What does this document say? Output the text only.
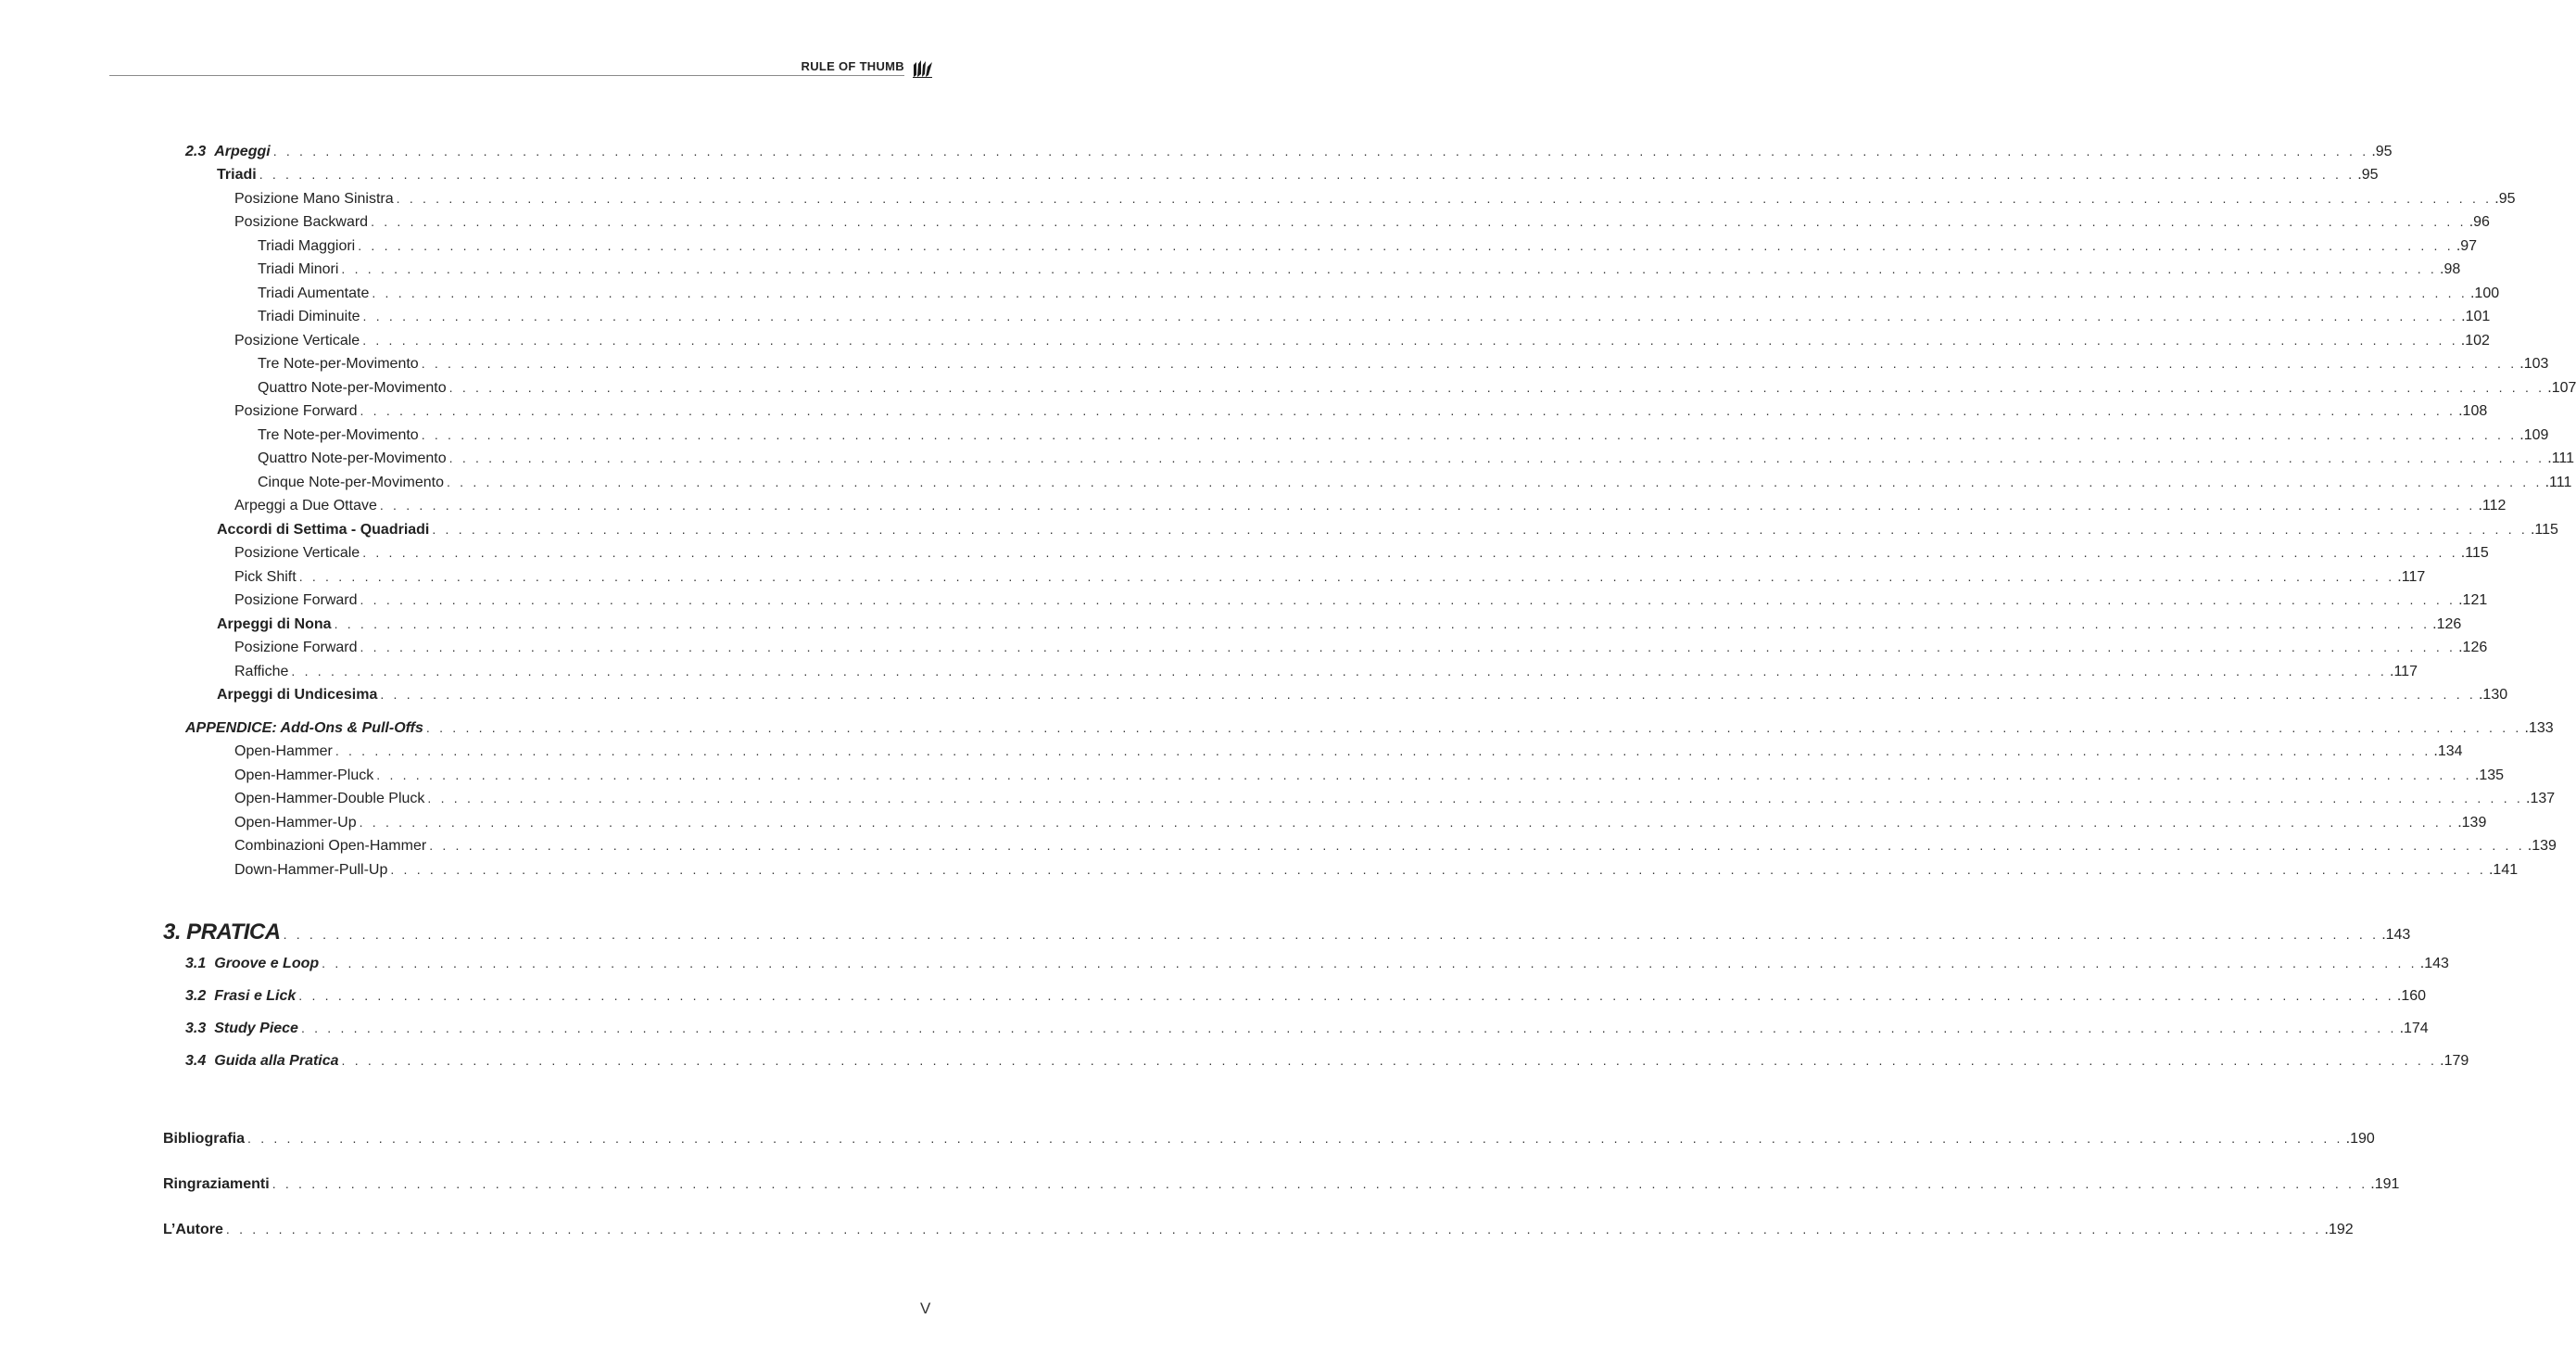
RULE OF THUMB
2.3 Arpeggi . . . . . . . . . . . . . . . . . . . . . . . . . . . . . . . . . . . . . . . . . . . . . . . . . . . . . . . . . . . . . . . . . . . . . . . . . . . . . . . . . . . . . . . . . . . . . . . . . . . . . . . . . . . . . . . . . . . . . . . . . . . . . . . . . . . . . . . . . . . . . . . . . . . . . . . . . . . . . . . . .95
Triadi . . . . . . . . . . . . . . . . . . . . . . . . . . . . . . . . . . . . . . . . . . . . . . . . . . . . . . . . . . . . . . . . . . . . . . . . . . . . . . . . . . . . . . . . . . . . . . . . . . . . . . . . . . . . . . . . . . . . . . . . . . . . . . . . . . . . . . . . . . . . . . . . . . . . . . . . . . . . . . . . .95
Posizione Mano Sinistra . . . . . . . . . . . . . . . . . . . . . . . . . . . . . . . . . . . . . . . . . . . . . . . . . . . . . . . . . . . . . . . . . . . . . . . . . . . . . . . . . . . . . . . . . . . . . . . . . . . . . . . . . . . . . . . . . . . . . . . . . . . . . . . . . . . . . . . . . . . . . . . . . . . . . . . . . . . . . . . . .95
Posizione Backward . . . . . . . . . . . . . . . . . . . . . . . . . . . . . . . . . . . . . . . . . . . . . . . . . . . . . . . . . . . . . . . . . . . . . . . . . . . . . . . . . . . . . . . . . . . . . . . . . . . . . . . . . . . . . . . . . . . . . . . . . . . . . . . . . . . . . . . . . . . . . . . . . . . . . . . . . . . . . . . . .96
Triadi Maggiori . . . . . . . . . . . . . . . . . . . . . . . . . . . . . . . . . . . . . . . . . . . . . . . . . . . . . . . . . . . . . . . . . . . . . . . . . . . . . . . . . . . . . . . . . . . . . . . . . . . . . . . . . . . . . . . . . . . . . . . . . . . . . . . . . . . . . . . . . . . . . . . . . . . . . . . . . . . . . . . . .97
Triadi Minori . . . . . . . . . . . . . . . . . . . . . . . . . . . . . . . . . . . . . . . . . . . . . . . . . . . . . . . . . . . . . . . . . . . . . . . . . . . . . . . . . . . . . . . . . . . . . . . . . . . . . . . . . . . . . . . . . . . . . . . . . . . . . . . . . . . . . . . . . . . . . . . . . . . . . . . . . . . . . . . . .98
Triadi Aumentate . . . . . . . . . . . . . . . . . . . . . . . . . . . . . . . . . . . . . . . . . . . . . . . . . . . . . . . . . . . . . . . . . . . . . . . . . . . . . . . . . . . . . . . . . . . . . . . . . . . . . . . . . . . . . . . . . . . . . . . . . . . . . . . . . . . . . . . . . . . . . . . . . . . . . . . . . . . . . . . . .100
Triadi Diminuite . . . . . . . . . . . . . . . . . . . . . . . . . . . . . . . . . . . . . . . . . . . . . . . . . . . . . . . . . . . . . . . . . . . . . . . . . . . . . . . . . . . . . . . . . . . . . . . . . . . . . . . . . . . . . . . . . . . . . . . . . . . . . . . . . . . . . . . . . . . . . . . . . . . . . . . . . . . . . . . . .101
Posizione Verticale . . . . . . . . . . . . . . . . . . . . . . . . . . . . . . . . . . . . . . . . . . . . . . . . . . . . . . . . . . . . . . . . . . . . . . . . . . . . . . . . . . . . . . . . . . . . . . . . . . . . . . . . . . . . . . . . . . . . . . . . . . . . . . . . . . . . . . . . . . . . . . . . . . . . . . . . . . . . . . . . .102
Tre Note-per-Movimento . . . . . . . . . . . . . . . . . . . . . . . . . . . . . . . . . . . . . . . . . . . . . . . . . . . . . . . . . . . . . . . . . . . . . . . . . . . . . . . . . . . . . . . . . . . . . . . . . . . . . . . . . . . . . . . . . . . . . . . . . . . . . . . . . . . . . . . . . . . . . . . . . . . . . . . . . . . . . . . . .103
Quattro Note-per-Movimento . . . . . . . . . . . . . . . . . . . . . . . . . . . . . . . . . . . . . . . . . . . . . . . . . . . . . . . . . . . . . . . . . . . . . . . . . . . . . . . . . . . . . . . . . . . . . . . . . . . . . . . . . . . . . . . . . . . . . . . . . . . . . . . . . . . . . . . . . . . . . . . . . . . . . . . . . . . . . . . . .107
Posizione Forward . . . . . . . . . . . . . . . . . . . . . . . . . . . . . . . . . . . . . . . . . . . . . . . . . . . . . . . . . . . . . . . . . . . . . . . . . . . . . . . . . . . . . . . . . . . . . . . . . . . . . . . . . . . . . . . . . . . . . . . . . . . . . . . . . . . . . . . . . . . . . . . . . . . . . . . . . . . . . . . . .108
Tre Note-per-Movimento . . . . . . . . . . . . . . . . . . . . . . . . . . . . . . . . . . . . . . . . . . . . . . . . . . . . . . . . . . . . . . . . . . . . . . . . . . . . . . . . . . . . . . . . . . . . . . . . . . . . . . . . . . . . . . . . . . . . . . . . . . . . . . . . . . . . . . . . . . . . . . . . . . . . . . . . . . . . . . . . .109
Quattro Note-per-Movimento . . . . . . . . . . . . . . . . . . . . . . . . . . . . . . . . . . . . . . . . . . . . . . . . . . . . . . . . . . . . . . . . . . . . . . . . . . . . . . . . . . . . . . . . . . . . . . . . . . . . . . . . . . . . . . . . . . . . . . . . . . . . . . . . . . . . . . . . . . . . . . . . . . . . . . . . . . . . . . . . .111
Cinque Note-per-Movimento . . . . . . . . . . . . . . . . . . . . . . . . . . . . . . . . . . . . . . . . . . . . . . . . . . . . . . . . . . . . . . . . . . . . . . . . . . . . . . . . . . . . . . . . . . . . . . . . . . . . . . . . . . . . . . . . . . . . . . . . . . . . . . . . . . . . . . . . . . . . . . . . . . . . . . . . . . . . . . . . .111
Arpeggi a Due Ottave . . . . . . . . . . . . . . . . . . . . . . . . . . . . . . . . . . . . . . . . . . . . . . . . . . . . . . . . . . . . . . . . . . . . . . . . . . . . . . . . . . . . . . . . . . . . . . . . . . . . . . . . . . . . . . . . . . . . . . . . . . . . . . . . . . . . . . . . . . . . . . . . . . . . . . . . . . . . . . . . .112
Accordi di Settima - Quadriadi . . . . . . . . . . . . . . . . . . . . . . . . . . . . . . . . . . . . . . . . . . . . . . . . . . . . . . . . . . . . . . . . . . . . . . . . . . . . . . . . . . . . . . . . . . . . . . . . . . . . . . . . . . . . . . . . . . . . . . . . . . . . . . . . . . . . . . . . . . . . . . . . . . . . . . . . . . . . . . . . .115
Posizione Verticale . . . . . . . . . . . . . . . . . . . . . . . . . . . . . . . . . . . . . . . . . . . . . . . . . . . . . . . . . . . . . . . . . . . . . . . . . . . . . . . . . . . . . . . . . . . . . . . . . . . . . . . . . . . . . . . . . . . . . . . . . . . . . . . . . . . . . . . . . . . . . . . . . . . . . . . . . . . . . . . . .115
Pick Shift . . . . . . . . . . . . . . . . . . . . . . . . . . . . . . . . . . . . . . . . . . . . . . . . . . . . . . . . . . . . . . . . . . . . . . . . . . . . . . . . . . . . . . . . . . . . . . . . . . . . . . . . . . . . . . . . . . . . . . . . . . . . . . . . . . . . . . . . . . . . . . . . . . . . . . . . . . . . . . . . .117
Posizione Forward . . . . . . . . . . . . . . . . . . . . . . . . . . . . . . . . . . . . . . . . . . . . . . . . . . . . . . . . . . . . . . . . . . . . . . . . . . . . . . . . . . . . . . . . . . . . . . . . . . . . . . . . . . . . . . . . . . . . . . . . . . . . . . . . . . . . . . . . . . . . . . . . . . . . . . . . . . . . . . . . .121
Arpeggi di Nona . . . . . . . . . . . . . . . . . . . . . . . . . . . . . . . . . . . . . . . . . . . . . . . . . . . . . . . . . . . . . . . . . . . . . . . . . . . . . . . . . . . . . . . . . . . . . . . . . . . . . . . . . . . . . . . . . . . . . . . . . . . . . . . . . . . . . . . . . . . . . . . . . . . . . . . . . . . . . . . . .126
Posizione Forward . . . . . . . . . . . . . . . . . . . . . . . . . . . . . . . . . . . . . . . . . . . . . . . . . . . . . . . . . . . . . . . . . . . . . . . . . . . . . . . . . . . . . . . . . . . . . . . . . . . . . . . . . . . . . . . . . . . . . . . . . . . . . . . . . . . . . . . . . . . . . . . . . . . . . . . . . . . . . . . . .126
Raffiche . . . . . . . . . . . . . . . . . . . . . . . . . . . . . . . . . . . . . . . . . . . . . . . . . . . . . . . . . . . . . . . . . . . . . . . . . . . . . . . . . . . . . . . . . . . . . . . . . . . . . . . . . . . . . . . . . . . . . . . . . . . . . . . . . . . . . . . . . . . . . . . . . . . . . . . . . . . . . . . . .117
Arpeggi di Undicesima . . . . . . . . . . . . . . . . . . . . . . . . . . . . . . . . . . . . . . . . . . . . . . . . . . . . . . . . . . . . . . . . . . . . . . . . . . . . . . . . . . . . . . . . . . . . . . . . . . . . . . . . . . . . . . . . . . . . . . . . . . . . . . . . . . . . . . . . . . . . . . . . . . . . . . . . . . . . . . . . .130
APPENDICE: Add-Ons & Pull-Offs . . . . . . . . . . . . . . . . . . . . . . . . . . . . . . . . . . . . . . . . . . . . . . . . . . . . . . . . . . . . . . . . . . . . . . . . . . . . . . . . . . . . . . . . . . . . . . . . . . . . . . . . . . . . . . . . . . . . . . . . . . . . . . . . . . . . . . . . . . . . . . . . . . . . . . . . . . . . . . . . .133
Open-Hammer . . . . . . . . . . . . . . . . . . . . . . . . . . . . . . . . . . . . . . . . . . . . . . . . . . . . . . . . . . . . . . . . . . . . . . . . . . . . . . . . . . . . . . . . . . . . . . . . . . . . . . . . . . . . . . . . . . . . . . . . . . . . . . . . . . . . . . . . . . . . . . . . . . . . . . . . . . . . . . . . .134
Open-Hammer-Pluck . . . . . . . . . . . . . . . . . . . . . . . . . . . . . . . . . . . . . . . . . . . . . . . . . . . . . . . . . . . . . . . . . . . . . . . . . . . . . . . . . . . . . . . . . . . . . . . . . . . . . . . . . . . . . . . . . . . . . . . . . . . . . . . . . . . . . . . . . . . . . . . . . . . . . . . . . . . . . . . . .135
Open-Hammer-Double Pluck . . . . . . . . . . . . . . . . . . . . . . . . . . . . . . . . . . . . . . . . . . . . . . . . . . . . . . . . . . . . . . . . . . . . . . . . . . . . . . . . . . . . . . . . . . . . . . . . . . . . . . . . . . . . . . . . . . . . . . . . . . . . . . . . . . . . . . . . . . . . . . . . . . . . . . . . . . . . . . . . .137
Open-Hammer-Up . . . . . . . . . . . . . . . . . . . . . . . . . . . . . . . . . . . . . . . . . . . . . . . . . . . . . . . . . . . . . . . . . . . . . . . . . . . . . . . . . . . . . . . . . . . . . . . . . . . . . . . . . . . . . . . . . . . . . . . . . . . . . . . . . . . . . . . . . . . . . . . . . . . . . . . . . . . . . . . . .139
Combinazioni Open-Hammer . . . . . . . . . . . . . . . . . . . . . . . . . . . . . . . . . . . . . . . . . . . . . . . . . . . . . . . . . . . . . . . . . . . . . . . . . . . . . . . . . . . . . . . . . . . . . . . . . . . . . . . . . . . . . . . . . . . . . . . . . . . . . . . . . . . . . . . . . . . . . . . . . . . . . . . . . . . . . . . . .139
Down-Hammer-Pull-Up . . . . . . . . . . . . . . . . . . . . . . . . . . . . . . . . . . . . . . . . . . . . . . . . . . . . . . . . . . . . . . . . . . . . . . . . . . . . . . . . . . . . . . . . . . . . . . . . . . . . . . . . . . . . . . . . . . . . . . . . . . . . . . . . . . . . . . . . . . . . . . . . . . . . . . . . . . . . . . . . .141
3. PRATICA . . . . . . . . . . . . . . . . . . . . . . . . . . . . . . . . . . . . . . . . . . . . . . . . . . . . . . . . . . . . . . . . . . . . . . . . . . . . . . . . . . . . . . . . . . . . . . . . . . . . . . . . . . . . . . . . . . . . . . . . . . . . . . . . . . . . . . . . . . . . . . . . . . . . . . . . . . . . . . . . .143
3.1 Groove e Loop . . . . . . . . . . . . . . . . . . . . . . . . . . . . . . . . . . . . . . . . . . . . . . . . . . . . . . . . . . . . . . . . . . . . . . . . . . . . . . . . . . . . . . . . . . . . . . . . . . . . . . . . . . . . . . . . . . . . . . . . . . . . . . . . . . . . . . . . . . . . . . . . . . . . . . . . . . . . . . . . .143
3.2 Frasi e Lick . . . . . . . . . . . . . . . . . . . . . . . . . . . . . . . . . . . . . . . . . . . . . . . . . . . . . . . . . . . . . . . . . . . . . . . . . . . . . . . . . . . . . . . . . . . . . . . . . . . . . . . . . . . . . . . . . . . . . . . . . . . . . . . . . . . . . . . . . . . . . . . . . . . . . . . . . . . . . . . . .160
3.3 Study Piece . . . . . . . . . . . . . . . . . . . . . . . . . . . . . . . . . . . . . . . . . . . . . . . . . . . . . . . . . . . . . . . . . . . . . . . . . . . . . . . . . . . . . . . . . . . . . . . . . . . . . . . . . . . . . . . . . . . . . . . . . . . . . . . . . . . . . . . . . . . . . . . . . . . . . . . . . . . . . . . . .174
3.4 Guida alla Pratica . . . . . . . . . . . . . . . . . . . . . . . . . . . . . . . . . . . . . . . . . . . . . . . . . . . . . . . . . . . . . . . . . . . . . . . . . . . . . . . . . . . . . . . . . . . . . . . . . . . . . . . . . . . . . . . . . . . . . . . . . . . . . . . . . . . . . . . . . . . . . . . . . . . . . . . . . . . . . . . . .179
Bibliografia . . . . . . . . . . . . . . . . . . . . . . . . . . . . . . . . . . . . . . . . . . . . . . . . . . . . . . . . . . . . . . . . . . . . . . . . . . . . . . . . . . . . . . . . . . . . . . . . . . . . . . . . . . . . . . . . . . . . . . . . . . . . . . . . . . . . . . . . . . . . . . . . . . . . . . . . . . . . . . . . .190
Ringraziamenti . . . . . . . . . . . . . . . . . . . . . . . . . . . . . . . . . . . . . . . . . . . . . . . . . . . . . . . . . . . . . . . . . . . . . . . . . . . . . . . . . . . . . . . . . . . . . . . . . . . . . . . . . . . . . . . . . . . . . . . . . . . . . . . . . . . . . . . . . . . . . . . . . . . . . . . . . . . . . . . . .191
L’Autore . . . . . . . . . . . . . . . . . . . . . . . . . . . . . . . . . . . . . . . . . . . . . . . . . . . . . . . . . . . . . . . . . . . . . . . . . . . . . . . . . . . . . . . . . . . . . . . . . . . . . . . . . . . . . . . . . . . . . . . . . . . . . . . . . . . . . . . . . . . . . . . . . . . . . . . . . . . . . . . . .192
V
